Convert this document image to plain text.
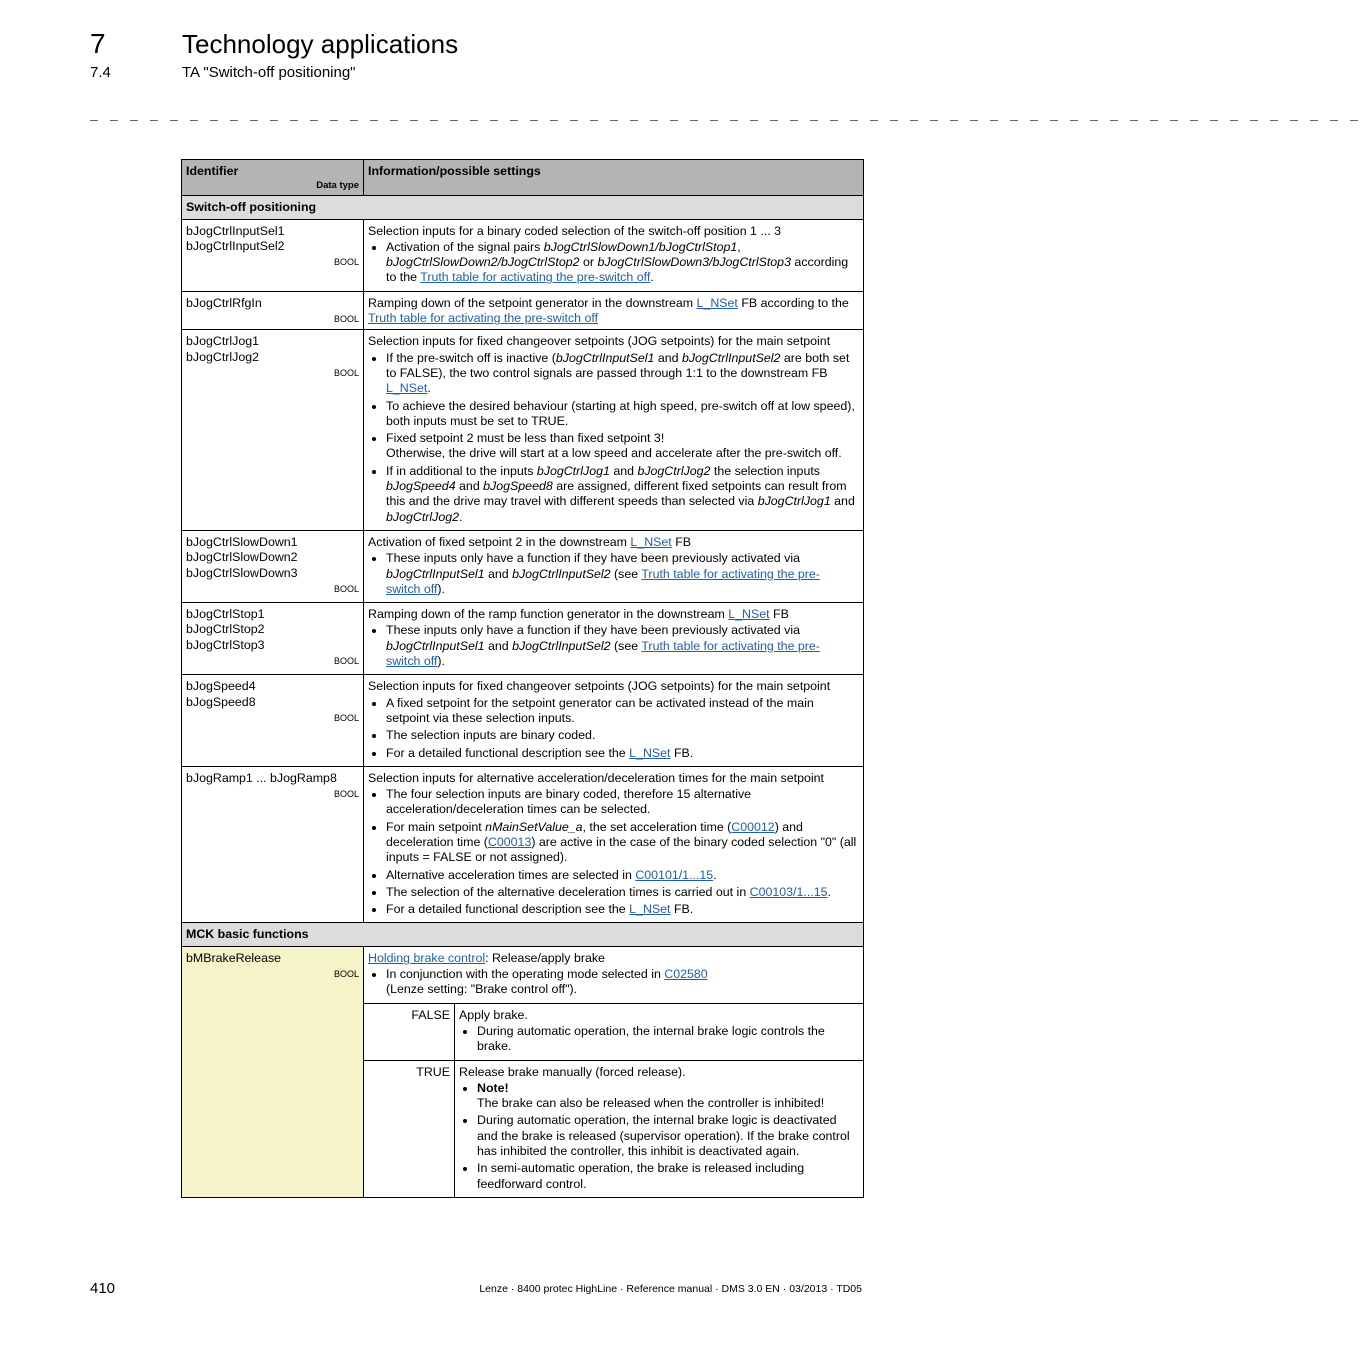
7	Technology applications
7.4	TA "Switch-off positioning"
_ _ _ _ _ _ _ _ _ _ _ _ _ _ _ _ _ _ _ _ _ _ _ _ _ _ _ _ _ _ _ _ _ _ _ _ _ _ _ _ _ _ _ _ _ _ _ _ _ _ _ _ _ _ _ _ _ _ _ _ _ _ _ _
Identifier
Data type
	Information/possible settings
Switch-off positioning

bJogCtrlInputSel1
bJogCtrlInputSel2
BOOL

Selection inputs for a binary coded selection of the switch-off position 1 ... 3
• Activation of the signal pairs bJogCtrlSlowDown1/bJogCtrlStop1, bJogCtrlSlowDown2/bJogCtrlStop2 or bJogCtrlSlowDown3/bJogCtrlStop3 according to the Truth table for activating the pre-switch off.

bJogCtrlRfgIn
BOOL
	Ramping down of the setpoint generator in the downstream L_NSet FB according to the Truth table for activating the pre-switch off

bJogCtrlJog1
bJogCtrlJog2
BOOL

Selection inputs for fixed changeover setpoints (JOG setpoints) for the main setpoint
• If the pre-switch off is inactive (bJogCtrlInputSel1 and bJogCtrlInputSel2 are both set to FALSE), the two control signals are passed through 1:1 to the downstream FB L_NSet.
• To achieve the desired behaviour (starting at high speed, pre-switch off at low speed), both inputs must be set to TRUE.
• Fixed setpoint 2 must be less than fixed setpoint 3!
Otherwise, the drive will start at a low speed and accelerate after the pre-switch off.
• If in additional to the inputs bJogCtrlJog1 and bJogCtrlJog2 the selection inputs bJogSpeed4 and bJogSpeed8 are assigned, different fixed setpoints can result from this and the drive may travel with different speeds than selected via bJogCtrlJog1 and bJogCtrlJog2.

bJogCtrlSlowDown1
bJogCtrlSlowDown2
bJogCtrlSlowDown3
BOOL

Activation of fixed setpoint 2 in the downstream L_NSet FB
• These inputs only have a function if they have been previously activated via bJogCtrlInputSel1 and bJogCtrlInputSel2 (see Truth table for activating the pre-
switch off).

bJogCtrlStop1
bJogCtrlStop2
bJogCtrlStop3
BOOL

Ramping down of the ramp function generator in the downstream L_NSet FB
• These inputs only have a function if they have been previously activated via bJogCtrlInputSel1 and bJogCtrlInputSel2 (see Truth table for activating the pre-
switch off).

bJogSpeed4
bJogSpeed8
BOOL

Selection inputs for fixed changeover setpoints (JOG setpoints) for the main setpoint
• A fixed setpoint for the setpoint generator can be activated instead of the main setpoint via these selection inputs.
• The selection inputs are binary coded.
• For a detailed functional description see the L_NSet FB.

bJogRamp1 ... bJogRamp8
BOOL

Selection inputs for alternative acceleration/deceleration times for the main setpoint
• The four selection inputs are binary coded, therefore 15 alternative acceleration/deceleration times can be selected.
• For main setpoint nMainSetValue_a, the set acceleration time (C00012) and deceleration time (C00013) are active in the case of the binary coded selection "0" (all inputs = FALSE or not assigned).
• Alternative acceleration times are selected in C00101/1...15.
• The selection of the alternative deceleration times is carried out in C00103/1...15.
• For a detailed functional description see the L_NSet FB.

MCK basic functions

bMBrakeRelease
BOOL

Holding brake control: Release/apply brake
• In conjunction with the operating mode selected in C02580
(Lenze setting: "Brake control off").
FALSE	Apply brake.
• During automatic operation, the internal brake logic controls the brake.

TRUE	Release brake manually (forced release).
• Note!
The brake can also be released when the controller is inhibited!
• During automatic operation, the internal brake logic is deactivated and the brake is released (supervisor operation). If the brake control has inhibited the controller, this inhibit is deactivated again.
• In semi-automatic operation, the brake is released including feedforward control.
410	Lenze · 8400 protec HighLine · Reference manual · DMS 3.0 EN · 03/2013 · TD05
